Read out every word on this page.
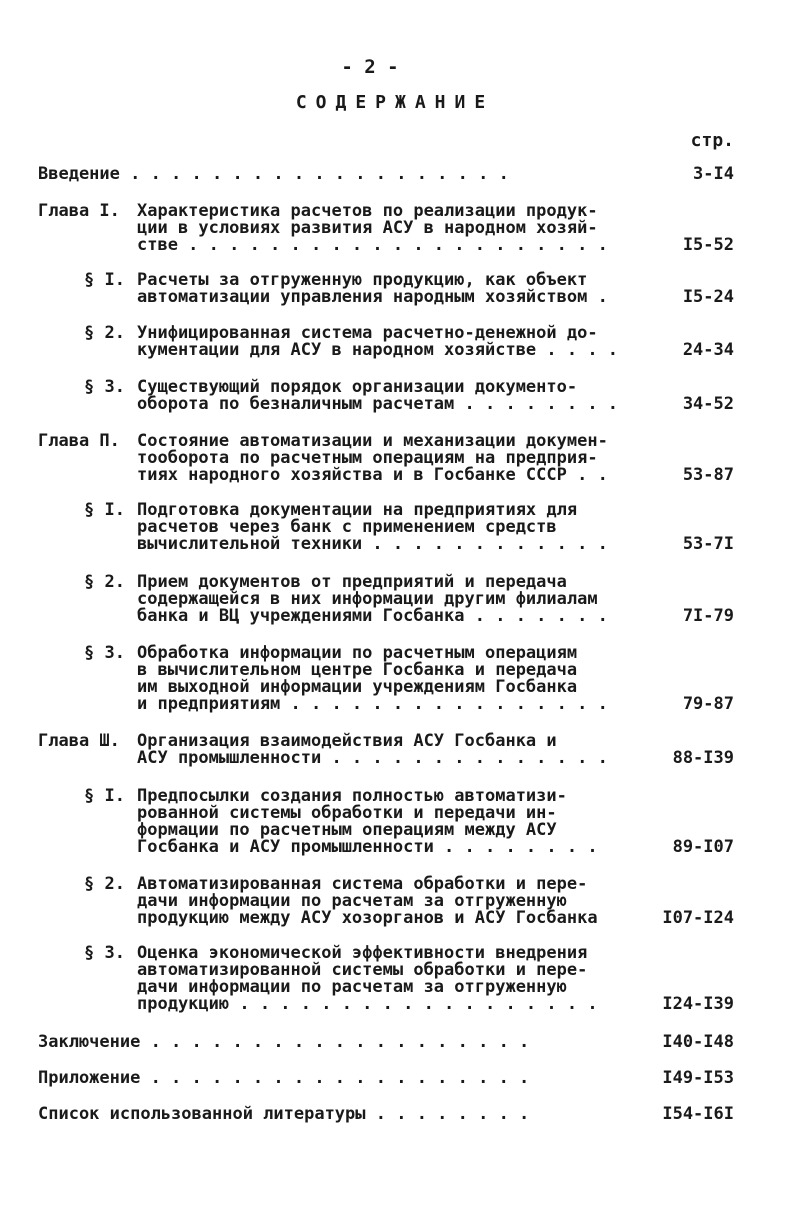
- 2 -
СОДЕРЖАНИЕ
стр.
Введение . . . . . . . . . . . . . . . . . . .	3-I4
Глава I. Характеристика расчетов по реализации продук-
ции в условиях развития АСУ в народном хозяй-
стве . . . . . . . . . . . . . . . . . . . . .	I5-52
§ I. Расчеты за отгруженную продукцию, как объект
автоматизации управления народным хозяйством .	I5-24
§ 2. Унифицированная система расчетно-денежной до-
кументации для АСУ в народном хозяйстве . . . .	24-34
§ 3. Существующий порядок организации документо-
оборота по безналичным расчетам . . . . . . . .	34-52
Глава П. Состояние автоматизации и механизации докумен-
тооборота по расчетным операциям на предприя-
тиях народного хозяйства и в Госбанке СССР . .	53-87
§ I. Подготовка документации на предприятиях для
расчетов через банк с применением средств
вычислительной техники . . . . . . . . . . . .	53-7I
§ 2. Прием документов от предприятий и передача
содержащейся в них информации другим филиалам
банка и ВЦ учреждениями Госбанка . . . . . . .	7I-79
§ 3. Обработка информации по расчетным операциям
в вычислительном центре Госбанка и передача
им выходной информации учреждениям Госбанка
и предприятиям . . . . . . . . . . . . . . . .	79-87
Глава Ш. Организация взаимодействия АСУ Госбанка и
АСУ промышленности . . . . . . . . . . . . . .	88-I39
§ I. Предпосылки создания полностью автоматизи-
рованной системы обработки и передачи ин-
формации по расчетным операциям между АСУ
Госбанка и АСУ промышленности . . . . . . . .	89-I07
§ 2. Автоматизированная система обработки и пере-
дачи информации по расчетам за отгруженную
продукцию между АСУ хозорганов и АСУ Госбанка	I07-I24
§ 3. Оценка экономической эффективности внедрения
автоматизированной системы обработки и пере-
дачи информации по расчетам за отгруженную
продукцию . . . . . . . . . . . . . . . . . .	I24-I39
Заключение . . . . . . . . . . . . . . . . . . .	I40-I48
Приложение . . . . . . . . . . . . . . . . . . .	I49-I53
Список использованной литературы . . . . . . . .	I54-I6I
